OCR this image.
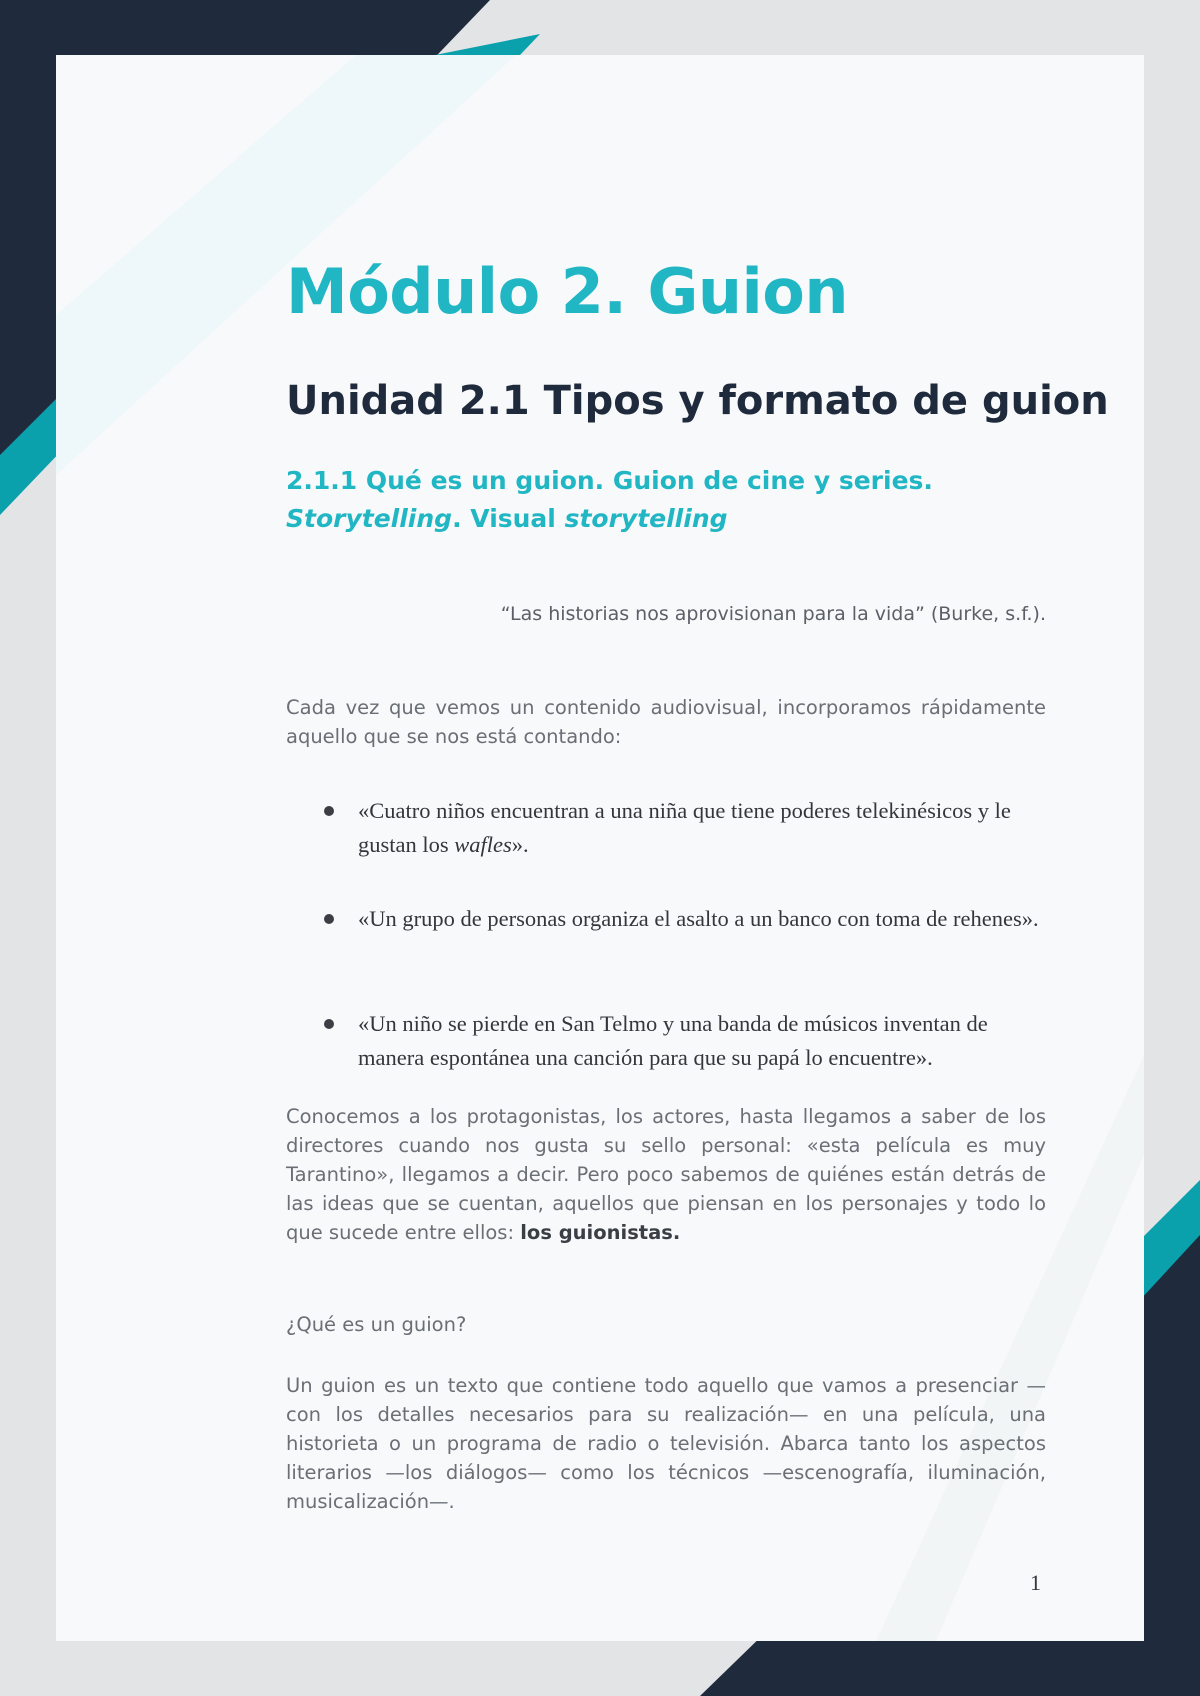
Módulo 2. Guion
Unidad 2.1 Tipos y formato de guion
2.1.1 Qué es un guion. Guion de cine y series. Storytelling. Visual storytelling

“Las historias nos aprovisionan para la vida” (Burke, s.f.).

Cada vez que vemos un contenido audiovisual, incorporamos rápidamente aquello que se nos está contando:

«Cuatro niños encuentran a una niña que tiene poderes telekinésicos y le gustan los wafles».

«Un grupo de personas organiza el asalto a un banco con toma de rehenes».

«Un niño se pierde en San Telmo y una banda de músicos inventan de manera espontánea una canción para que su papá lo encuentre».

Conocemos a los protagonistas, los actores, hasta llegamos a saber de los directores cuando nos gusta su sello personal: «esta película es muy Tarantino», llegamos a decir. Pero poco sabemos de quiénes están detrás de las ideas que se cuentan, aquellos que piensan en los personajes y todo lo que sucede entre ellos: los guionistas.

¿Qué es un guion?

Un guion es un texto que contiene todo aquello que vamos a presenciar —con los detalles necesarios para su realización— en una película, una historieta o un programa de radio o televisión. Abarca tanto los aspectos literarios —los diálogos— como los técnicos —escenografía, iluminación, musicalización—.

1
